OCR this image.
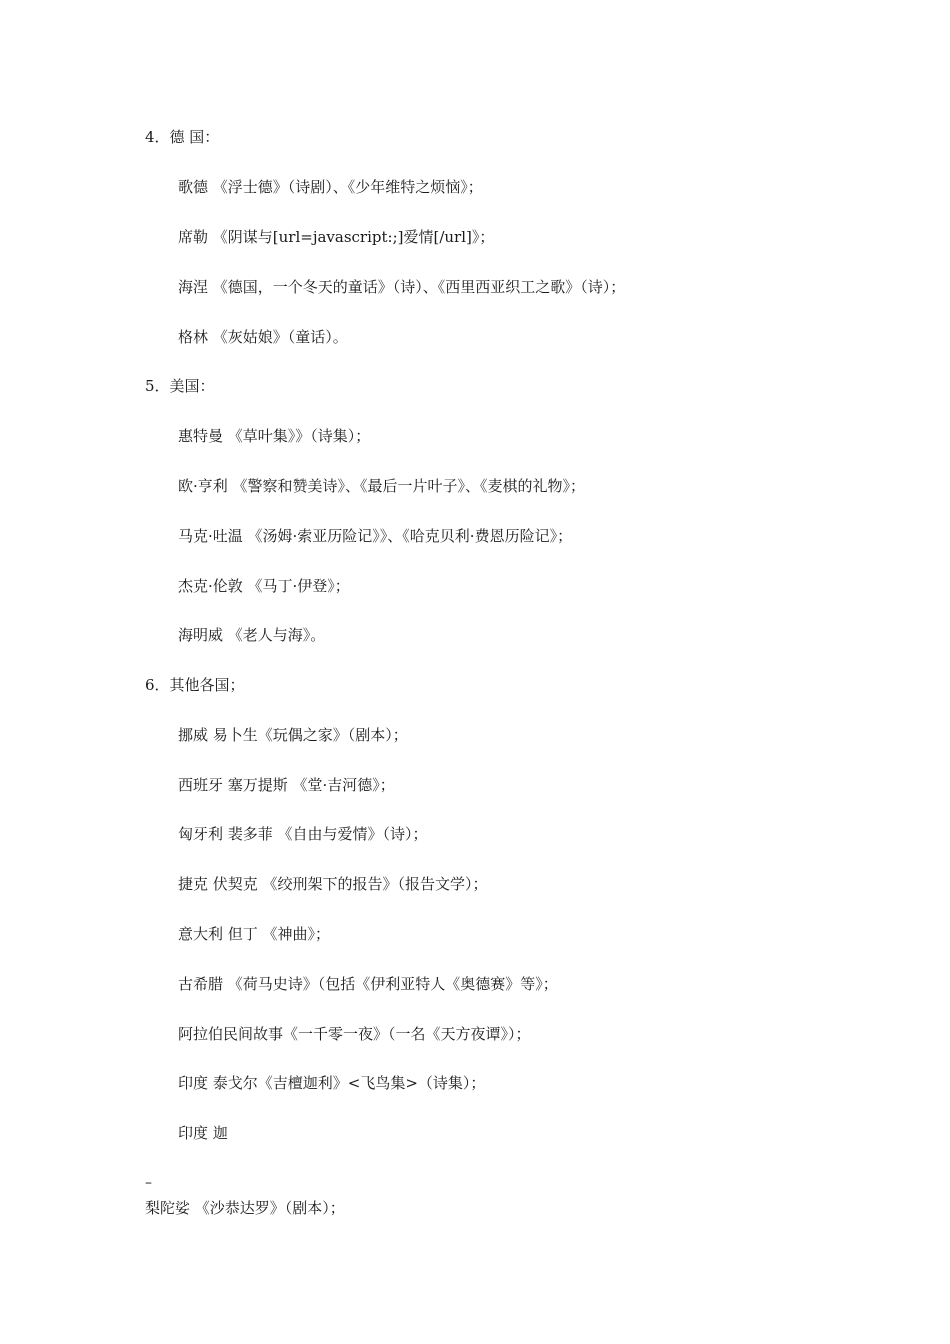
4．德 国：
歌德 《浮士德》（诗剧）、《少年维特之烦恼》；
席勒 《阴谋与[url=javascript:;]爱情[/url]》；
海涅 《德国，一个冬天的童话》（诗）、《西里西亚织工之歌》（诗）；
格林 《灰姑娘》（童话）。
5．美国：
惠特曼 《草叶集》》（诗集）；
欧·亨利 《警察和赞美诗》、《最后一片叶子》、《麦棋的礼物》；
马克·吐温 《汤姆·索亚历险记》》、《哈克贝利·费恩历险记》；
杰克·伦敦 《马丁·伊登》；
海明威 《老人与海》。
6．其他各国；
挪威 易卜生《玩偶之家》（剧本）；
西班牙 塞万提斯 《堂·吉河德》；
匈牙利 裴多菲 《自由与爱情》（诗）；
捷克 伏契克 《绞刑架下的报告》（报告文学）；
意大利 但丁 《神曲》；
古希腊 《荷马史诗》（包括《伊利亚特人《奥德赛》等》；
阿拉伯民间故事《一千零一夜》（一名《天方夜谭》）；
印度 泰戈尔《吉檀迦利》<飞鸟集>（诗集）；
印度 迦
–
梨陀娑 《沙恭达罗》（剧本）；
